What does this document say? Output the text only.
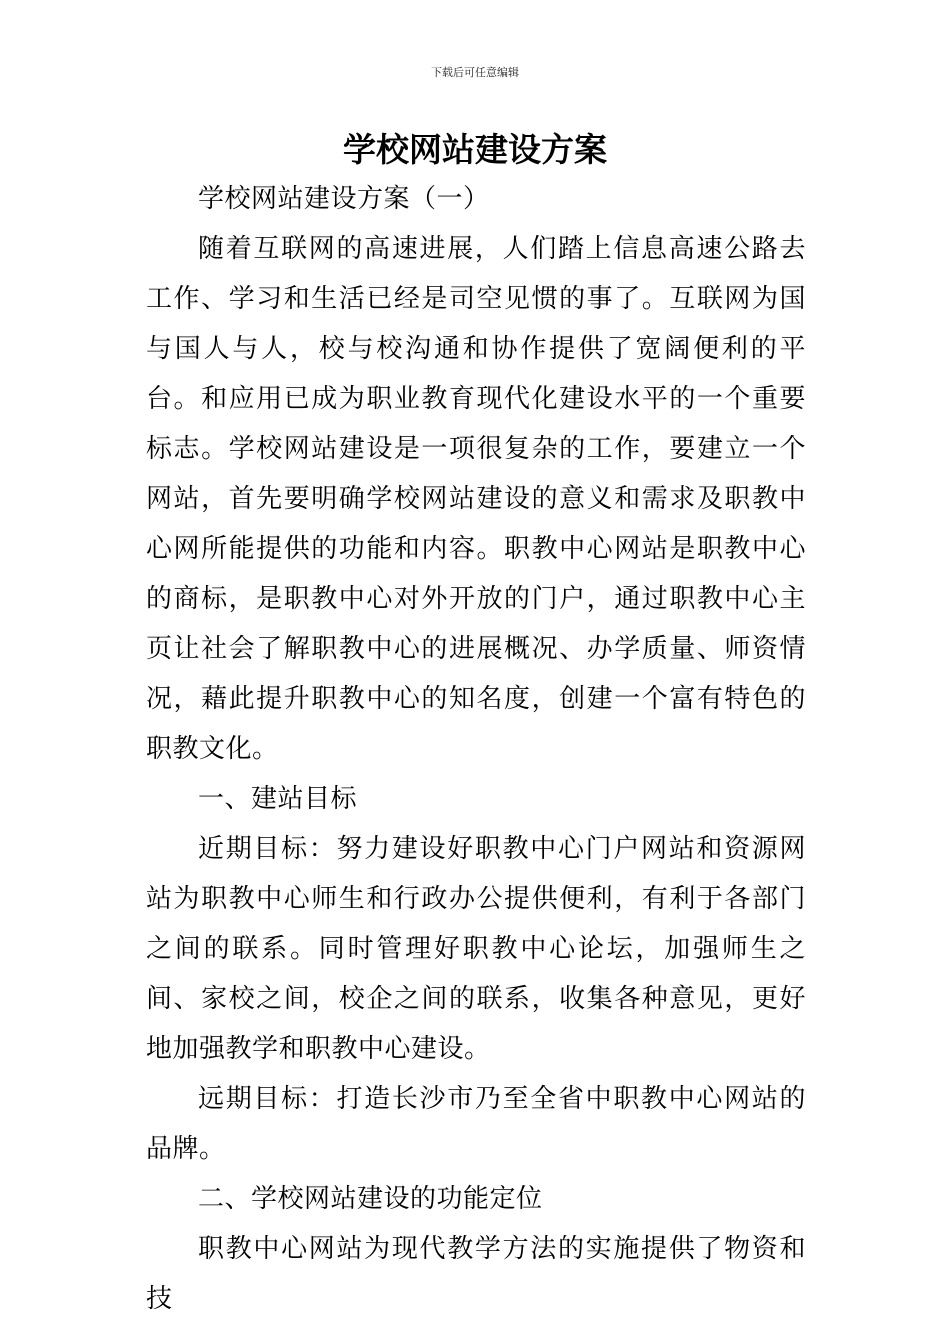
下载后可任意编辑
学校网站建设方案

学校网站建设方案（一）

随着互联网的高速进展，人们踏上信息高速公路去工作、学习和生活已经是司空见惯的事了。互联网为国与国人与人，校与校沟通和协作提供了宽阔便利的平台。和应用已成为职业教育现代化建设水平的一个重要标志。学校网站建设是一项很复杂的工作，要建立一个网站，首先要明确学校网站建设的意义和需求及职教中心网所能提供的功能和内容。职教中心网站是职教中心的商标，是职教中心对外开放的门户，通过职教中心主页让社会了解职教中心的进展概况、办学质量、师资情况，藉此提升职教中心的知名度，创建一个富有特色的职教文化。

一、建站目标

近期目标：努力建设好职教中心门户网站和资源网站为职教中心师生和行政办公提供便利，有利于各部门之间的联系。同时管理好职教中心论坛，加强师生之间、家校之间，校企之间的联系，收集各种意见，更好地加强教学和职教中心建设。

远期目标：打造长沙市乃至全省中职教中心网站的品牌。

二、学校网站建设的功能定位

职教中心网站为现代教学方法的实施提供了物资和技
